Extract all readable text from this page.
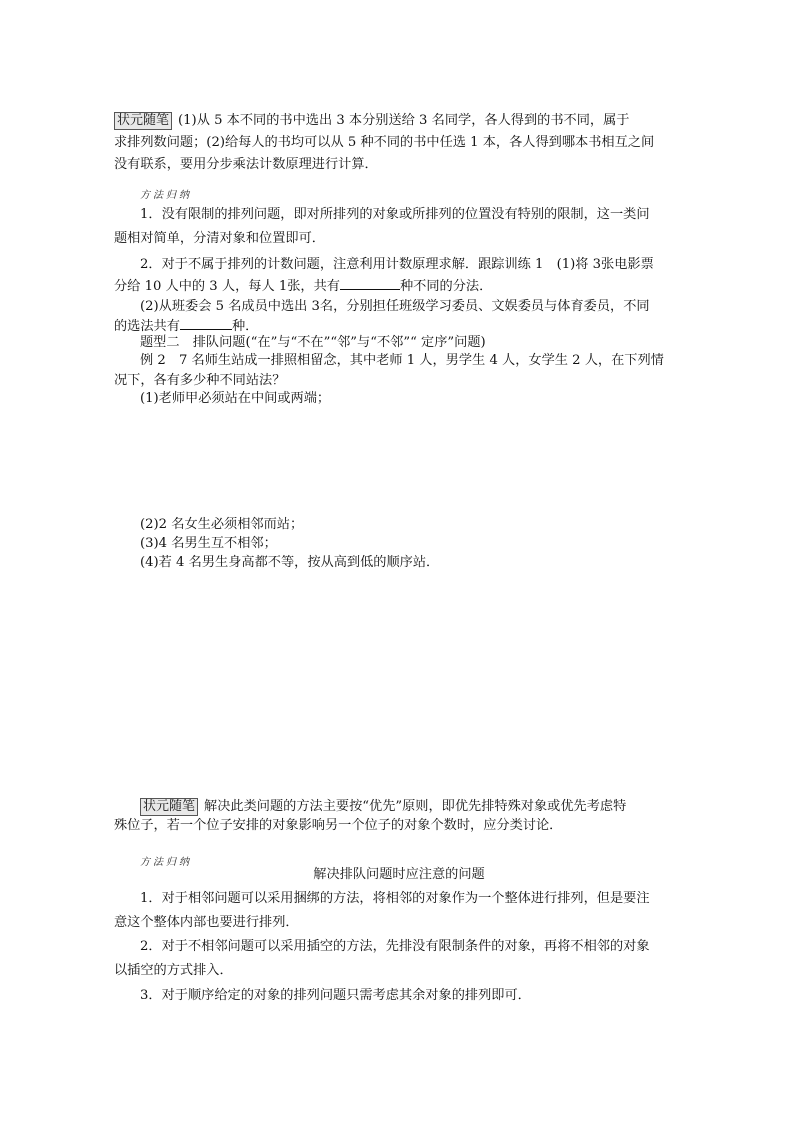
状元随笔 (1)从 5 本不同的书中选出 3 本分别送给 3 名同学，各人得到的书不同，属于
求排列数问题；(2)给每人的书均可以从 5 种不同的书中任选 1 本，各人得到哪本书相互之间
没有联系，要用分步乘法计数原理进行计算．
方法归纳
1．没有限制的排列问题，即对所排列的对象或所排列的位置没有特别的限制，这一类问
题相对简单，分清对象和位置即可．
2．对于不属于排列的计数问题，注意利用计数原理求解．跟踪训练 1　(1)将 3张电影票
分给 10 人中的 3 人，每人 1张，共有	种不同的分法．
(2)从班委会 5 名成员中选出 3名，分别担任班级学习委员、文娱委员与体育委员，不同
的选法共有	种．
题型二　排队问题(“在”与“不在”“邻”与“不邻”“ 定序”问题)
例 2　7 名师生站成一排照相留念，其中老师 1 人，男学生 4 人，女学生 2 人，在下列情
况下，各有多少种不同站法？
(1)老师甲必须站在中间或两端；
(2)2 名女生必须相邻而站；
(3)4 名男生互不相邻；
(4)若 4 名男生身高都不等，按从高到低的顺序站．
状元随笔 解决此类问题的方法主要按“优先”原则，即优先排特殊对象或优先考虑特
殊位子，若一个位子安排的对象影响另一个位子的对象个数时，应分类讨论．
方法归纳
解决排队问题时应注意的问题
1．对于相邻问题可以采用捆绑的方法，将相邻的对象作为一个整体进行排列，但是要注
意这个整体内部也要进行排列．
2．对于不相邻问题可以采用插空的方法，先排没有限制条件的对象，再将不相邻的对象
以插空的方式排入．
3．对于顺序给定的对象的排列问题只需考虑其余对象的排列即可．
